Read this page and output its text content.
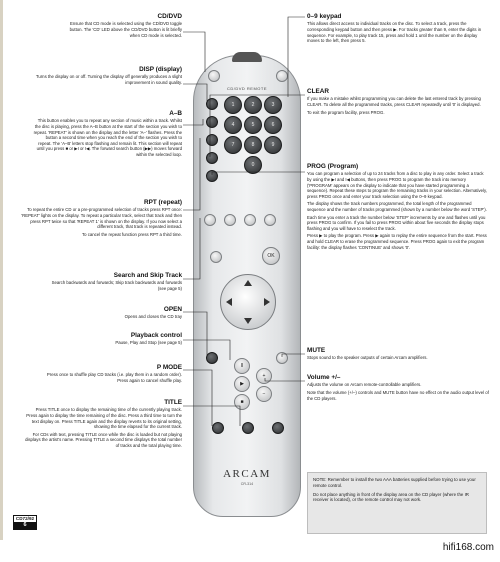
CD/DVD

Ensure that CD mode is selected using the CD/DVD toggle button. The 'CD' LED above the CD/DVD button is lit briefly when CD mode is selected.

DISP (display)

Turns the display on or off. Turning the display off generally produces a slight improvement in sound quality.

A–B

This button enables you to repeat any section of music within a track. Whilst the disc is playing, press the A–B button at the start of the section you wish to repeat. 'REPEAT' is shown on the display and the letter 'A–' flashes. Press the button a second time when you reach the end of the section you wish to repeat. The 'A–B' letters stop flashing and remain lit. This section will repeat until you press ■ or ▶I or I◀. The forward search button (▶▶) moves forward within the selected loop.

RPT (repeat)

To repeat the entire CD or a pre-programmed selection of tracks press RPT once: 'REPEAT' lights on the display. To repeat a particular track, select that track and then press RPT twice so that 'REPEAT 1' is shown on the display. If you now select a different track, that track is repeated instead.

To cancel the repeat function press RPT a third time.

Search and Skip Track

Search backwards and forwards; Skip track backwards and forwards (see page 5)

OPEN

Opens and closes the CD tray

Playback control

Pause, Play and Stop (see page 5)

P MODE

Press once to shuffle play CD tracks (i.e. play them in a random order). Press again to cancel shuffle play.

TITLE

Press TITLE once to display the remaining time of the currently playing track. Press again to display the time remaining of the disc. Press a third time to turn the text display on. Press TITLE again and the display reverts to its original setting, showing the time elapsed for the current track.

For CDs with text, pressing TITLE once while the disc is loaded but not playing displays the artist's name. Pressing TITLE a second time displays the total number of tracks and the total playing time.

CD/DVD REMOTE
1	2	3
4	5	6
7	8	9
0
OK
II
▶
■
+
−
ARCAM
CR-314
0–9 keypad

This allows direct access to individual tracks on the disc. To select a track, press the corresponding keypad button and then press ▶. For tracks greater than 9, enter the digits in sequence. For example, to play track 15, press and hold 1 until the number on the display moves to the left, then press 5.

CLEAR

If you make a mistake whilst programming you can delete the last entered track by pressing CLEAR. To delete all the programmed tracks, press CLEAR repeatedly until '0' is displayed.

To exit the program facility, press PROG.

PROG (Program)

You can program a selection of up to 24 tracks from a disc to play in any order. Select a track by using the ▶I and I◀ buttons, then press PROG to program the track into memory ('PROGRAM' appears on the display to indicate that you have started programming a sequence). Repeat these steps to program the remaining tracks in your selection. Alternatively, press PROG once and enter your track selection using the 0–9 keypad.

The display shows the track numbers programmed, the total length of the programmed sequence and the number of tracks programmed (shown by a number below the word 'STEP').

Each time you enter a track the number below 'STEP' increments by one and flashes until you press PROG to confirm. If you fail to press PROG within about five seconds the display stops flashing and you will have to reselect the track.

Press ▶ to play the program. Press ▶ again to replay the entire sequence from the start. Press and hold CLEAR to erase the programmed sequence. Press PROG again to exit the program facility: the display flashes 'CONTINUE' and shows '0'.

MUTE

Stops sound to the speaker outputs of certain Arcam amplifiers.

Volume +/–

Adjusts the volume on Arcam remote-controllable amplifiers.

Note that the volume (+/–) controls and MUTE button have no effect on the audio output level of the CD players.

NOTE: Remember to install the two AAA batteries supplied before trying to use your remote control.

Do not place anything in front of the display area on the CD player (where the IR receiver is located), or the remote control may not work.

CD72/92
6
hifi168.com
